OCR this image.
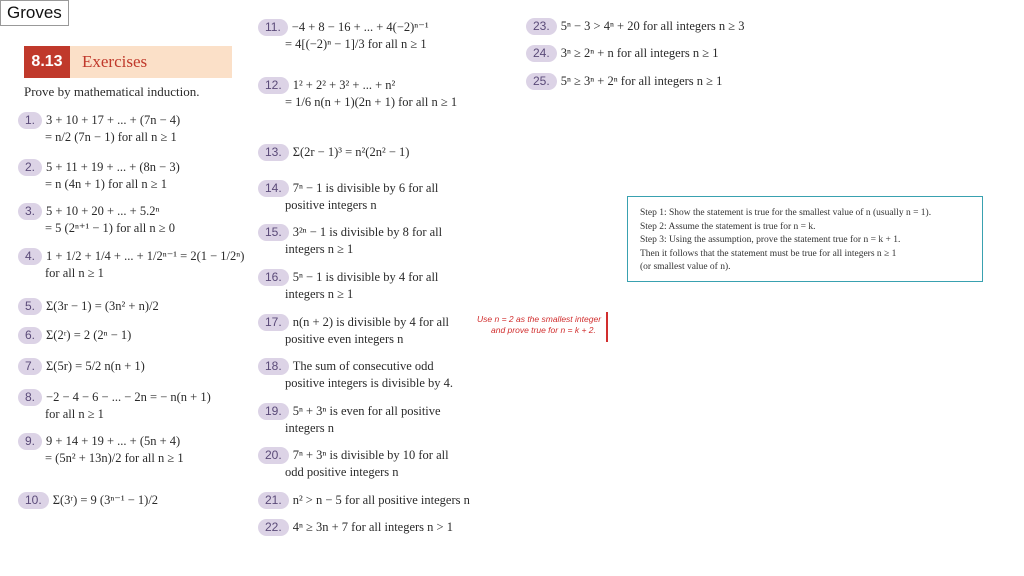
Groves
8.13	Exercises
Prove by mathematical induction.
1. 3 + 10 + 17 + ... + (7n − 4)
= n/2 (7n − 1) for all n ≥ 1
2. 5 + 11 + 19 + ... + (8n − 3)
= n (4n + 1) for all n ≥ 1
3. 5 + 10 + 20 + ... + 5.2ⁿ
= 5 (2ⁿ⁺¹ − 1) for all n ≥ 0
4. 1 + 1/2 + 1/4 + ... + 1/2ⁿ⁻¹ = 2(1 − 1/2ⁿ)
for all n ≥ 1
5. Σ(3r − 1) = (3n² + n)/2
6. Σ(2ʳ) = 2 (2ⁿ − 1)
7. Σ(5r) = 5/2 n(n + 1)
8. −2 − 4 − 6 − ... − 2n = − n(n + 1)
for all n ≥ 1
9. 9 + 14 + 19 + ... + (5n + 4)
= (5n² + 13n)/2 for all n ≥ 1
10. Σ(3ʳ) = 9 (3ⁿ⁻¹ − 1)/2
11. −4 + 8 − 16 + ... + 4(−2)ⁿ⁻¹
= 4[(−2)ⁿ − 1]/3 for all n ≥ 1
12. 1² + 2² + 3² + ... + n²
= 1/6 n(n + 1)(2n + 1) for all n ≥ 1
13. Σ(2r − 1)³ = n²(2n² − 1)
14. 7ⁿ − 1 is divisible by 6 for all
positive integers n
15. 3²ⁿ − 1 is divisible by 8 for all
integers n ≥ 1
16. 5ⁿ − 1 is divisible by 4 for all
integers n ≥ 1
17. n(n + 2) is divisible by 4 for all
positive even integers n
18. The sum of consecutive odd
positive integers is divisible by 4.
19. 5ⁿ + 3ⁿ is even for all positive
integers n
20. 7ⁿ + 3ⁿ is divisible by 10 for all
odd positive integers n
21. n² > n − 5 for all positive integers n
22. 4ⁿ ≥ 3n + 7 for all integers n > 1
23. 5ⁿ − 3 > 4ⁿ + 20 for all integers n ≥ 3
24. 3ⁿ ≥ 2ⁿ + n for all integers n ≥ 1
25. 5ⁿ ≥ 3ⁿ + 2ⁿ for all integers n ≥ 1
Use n = 2 as the smallest integer
and prove true for n = k + 2.
Step 1: Show the statement is true for the smallest value of n (usually n = 1).
Step 2: Assume the statement is true for n = k.
Step 3: Using the assumption, prove the statement true for n = k + 1.
Then it follows that the statement must be true for all integers n ≥ 1
(or smallest value of n).
